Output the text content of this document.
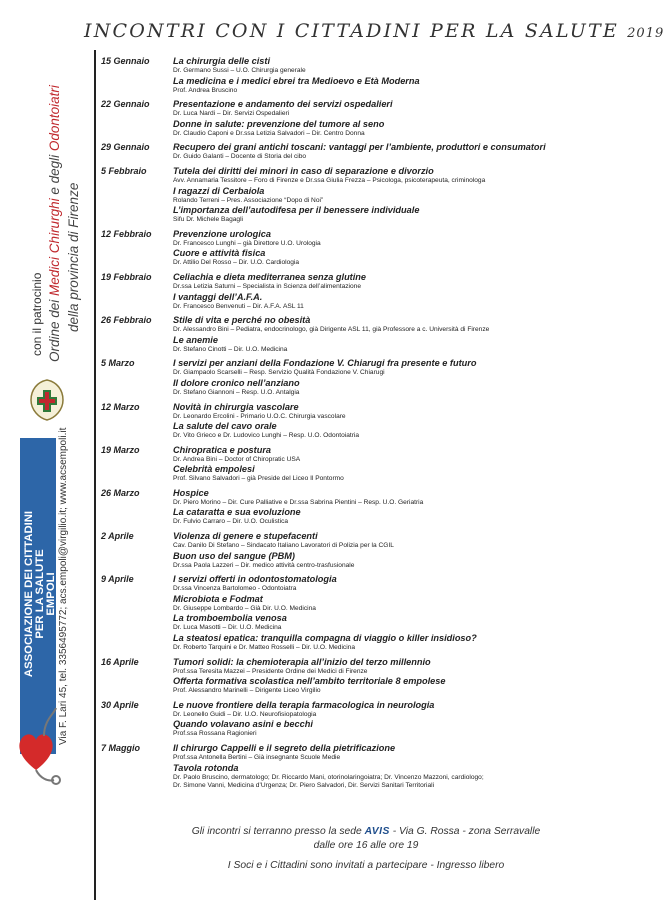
INCONTRI CON I CITTADINI PER LA SALUTE 2019
con il patrocinio Ordine dei Medici Chirurghi e degli Odontoiatri
della provincia di Firenze
ASSOCIAZIONE DEI CITTADINI PER LA SALUTE EMPOLI Via F. Lari 45, tel. 3356495772; acs.empoli@virgilio.it; www.acsempoli.it
15 Gennaio	La chirurgia delle cisti
Dr. Germano Sussi – U.O. Chirurgia generale
La medicina e i medici ebrei tra Medioevo e Età Moderna
Prof. Andrea Bruscino
22 Gennaio	Presentazione e andamento dei servizi ospedalieri
Dr. Luca Nardi – Dir. Servizi Ospedalieri
Donne in salute: prevenzione del tumore al seno
Dr. Claudio Caponi e Dr.ssa Letizia Salvadori – Dir. Centro Donna
29 Gennaio	Recupero dei grani antichi toscani: vantaggi per l’ambiente, produttori e consumatori
Dr. Guido Galanti – Docente di Storia del cibo
5 Febbraio	Tutela dei diritti dei minori in caso di separazione e divorzio
Avv. Annamaria Tessitore – Foro di Firenze e Dr.ssa Giulia Frezza – Psicologa, psicoterapeuta, criminologa
I ragazzi di Cerbaiola
Rolando Terreni – Pres. Associazione “Dopo di Noi”
L’importanza dell’autodifesa per il benessere individuale
Sifu Dr. Michele Bagagli
12 Febbraio	Prevenzione urologica
Dr. Francesco Lunghi – già Direttore U.O. Urologia
Cuore e attività fisica
Dr. Attilio Del Rosso – Dir. U.O. Cardiologia
19 Febbraio	Celiachia e dieta mediterranea senza glutine
Dr.ssa Letizia Saturni – Specialista in Scienza dell’alimentazione
I vantaggi dell’A.F.A.
Dr. Francesco Benvenuti – Dir. A.F.A. ASL 11
26 Febbraio	Stile di vita e perché no obesità
Dr. Alessandro Bini – Pediatra, endocrinologo, già Dirigente ASL 11, già Professore a c. Università di Firenze
Le anemie
Dr. Stefano Cinotti – Dir. U.O. Medicina
5 Marzo	I servizi per anziani della Fondazione V. Chiarugi fra presente e futuro
Dr. Giampaolo Scarselli – Resp. Servizio Qualità Fondazione V. Chiarugi
Il dolore cronico nell’anziano
Dr. Stefano Giannoni – Resp. U.O. Antalgia
12 Marzo	Novità in chirurgia vascolare
Dr. Leonardo Ercolini - Primario U.O.C. Chirurgia vascolare
La salute del cavo orale
Dr. Vito Grieco e Dr. Ludovico Lunghi – Resp. U.O. Odontoiatria
19 Marzo	Chiropratica e postura
Dr. Andrea Bini – Doctor of Chiropratic USA
Celebrità empolesi
Prof. Silvano Salvadori – già Preside del Liceo Il Pontormo
26 Marzo	Hospice
Dr. Piero Morino – Dir. Cure Palliative e Dr.ssa Sabrina Pientini – Resp. U.O. Geriatria
La cataratta e sua evoluzione
Dr. Fulvio Carraro – Dir. U.O. Oculistica
2 Aprile	Violenza di genere e stupefacenti
Cav. Danilo Di Stefano – Sindacato Italiano Lavoratori di Polizia per la CGIL
Buon uso del sangue (PBM)
Dr.ssa Paola Lazzeri – Dir. medico attività centro-trasfusionale
9 Aprile	I servizi offerti in odontostomatologia
Dr.ssa Vincenza Bartolomeo - Odontoiatra
Microbiota e Fodmat
Dr. Giuseppe Lombardo – Già Dir. U.O. Medicina
La tromboembolia venosa
Dr. Luca Masotti – Dir. U.O. Medicina
La steatosi epatica: tranquilla compagna di viaggio o killer insidioso?
Dr. Roberto Tarquini e Dr. Matteo Rosselli – Dir. U.O. Medicina
16 Aprile	Tumori solidi: la chemioterapia all’inizio del terzo millennio
Prof.ssa Teresita Mazzei – Presidente Ordine dei Medici di Firenze
Offerta formativa scolastica nell’ambito territoriale 8 empolese
Prof. Alessandro Marinelli – Dirigente Liceo Virgilio
30 Aprile	Le nuove frontiere della terapia farmacologica in neurologia
Dr. Leonello Guidi – Dir. U.O. Neurofisiopatologia
Quando volavano asini e becchi
Prof.ssa Rossana Ragionieri
7 Maggio	Il chirurgo Cappelli e il segreto della pietrificazione
Prof.ssa Antonella Bertini – Già insegnante Scuole Medie
Tavola rotonda
Dr. Paolo Bruscino, dermatologo; Dr. Riccardo Mani, otorinolaringoiatra; Dr. Vincenzo Mazzoni, cardiologo;
Dr. Simone Vanni, Medicina d’Urgenza; Dr. Piero Salvadori, Dir. Servizi Sanitari Territoriali
Gli incontri si terranno presso la sede AVIS - Via G. Rossa - zona Serravalle
dalle ore 16 alle ore 19
I Soci e i Cittadini sono invitati a partecipare - Ingresso libero
